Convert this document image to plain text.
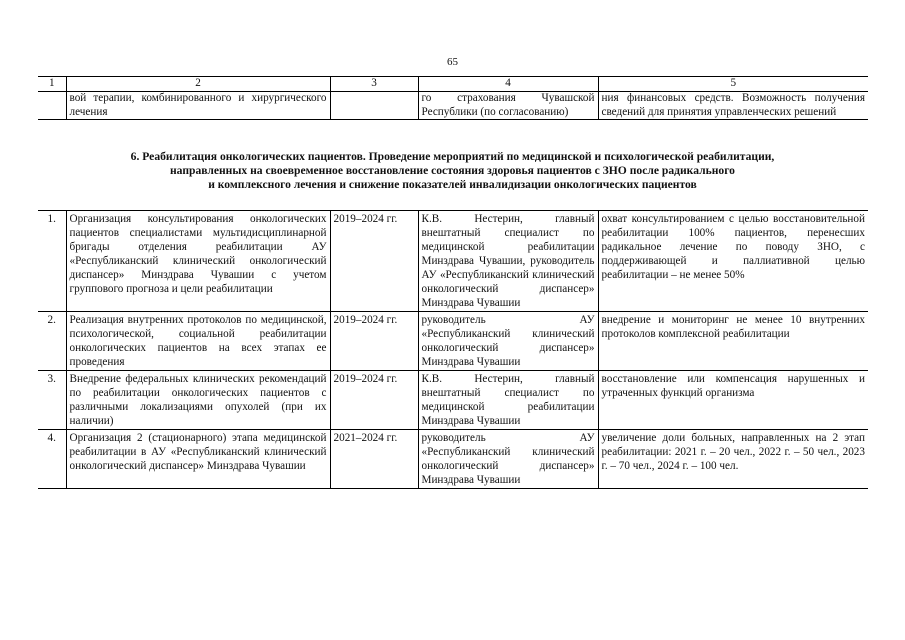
65
1	2	3	4	5
	вой терапии, комбинированного и хирургического лечения		го страхования Чувашской Республики (по согласованию)	ния финансовых средств. Возможность получения сведений для принятия управленческих решений
6. Реабилитация онкологических пациентов. Проведение мероприятий по медицинской и психологической реабилитации,
направленных на своевременное восстановление состояния здоровья пациентов с ЗНО после радикального
и комплексного лечения и снижение показателей инвалидизации онкологических пациентов
1.	Организация консультирования онкологических пациентов специалистами мультидисциплинарной бригады отделения реабилитации АУ «Республиканский клинический онкологический диспансер» Минздрава Чувашии с учетом группового прогноза и цели реабилитации	2019–2024 гг.	К.В. Нестерин, главный внештатный специалист по медицинской реабилитации Минздрава Чувашии, руководитель АУ «Республиканский клинический онкологический диспансер» Минздрава Чувашии	охват консультированием с целью восстановительной реабилитации 100% пациентов, перенесших радикальное лечение по поводу ЗНО, с поддерживающей и паллиативной целью реабилитации – не менее 50%
2.	Реализация внутренних протоколов по медицинской, психологической, социальной реабилитации онкологических пациентов на всех этапах ее проведения	2019–2024 гг.	руководитель АУ «Республиканский клинический онкологический диспансер» Минздрава Чувашии	внедрение и мониторинг не менее 10 внутренних протоколов комплексной реабилитации
3.	Внедрение федеральных клинических рекомендаций по реабилитации онкологических пациентов с различными локализациями опухолей (при их наличии)	2019–2024 гг.	К.В. Нестерин, главный внештатный специалист по медицинской реабилитации Минздрава Чувашии	восстановление или компенсация нарушенных и утраченных функций организма
4.	Организация 2 (стационарного) этапа медицинской реабилитации в АУ «Республиканский клинический онкологический диспансер» Минздрава Чувашии	2021–2024 гг.	руководитель АУ «Республиканский клинический онкологический диспансер» Минздрава Чувашии	увеличение доли больных, направленных на 2 этап реабилитации: 2021 г. – 20 чел., 2022 г. – 50 чел., 2023 г. – 70 чел., 2024 г. – 100 чел.
